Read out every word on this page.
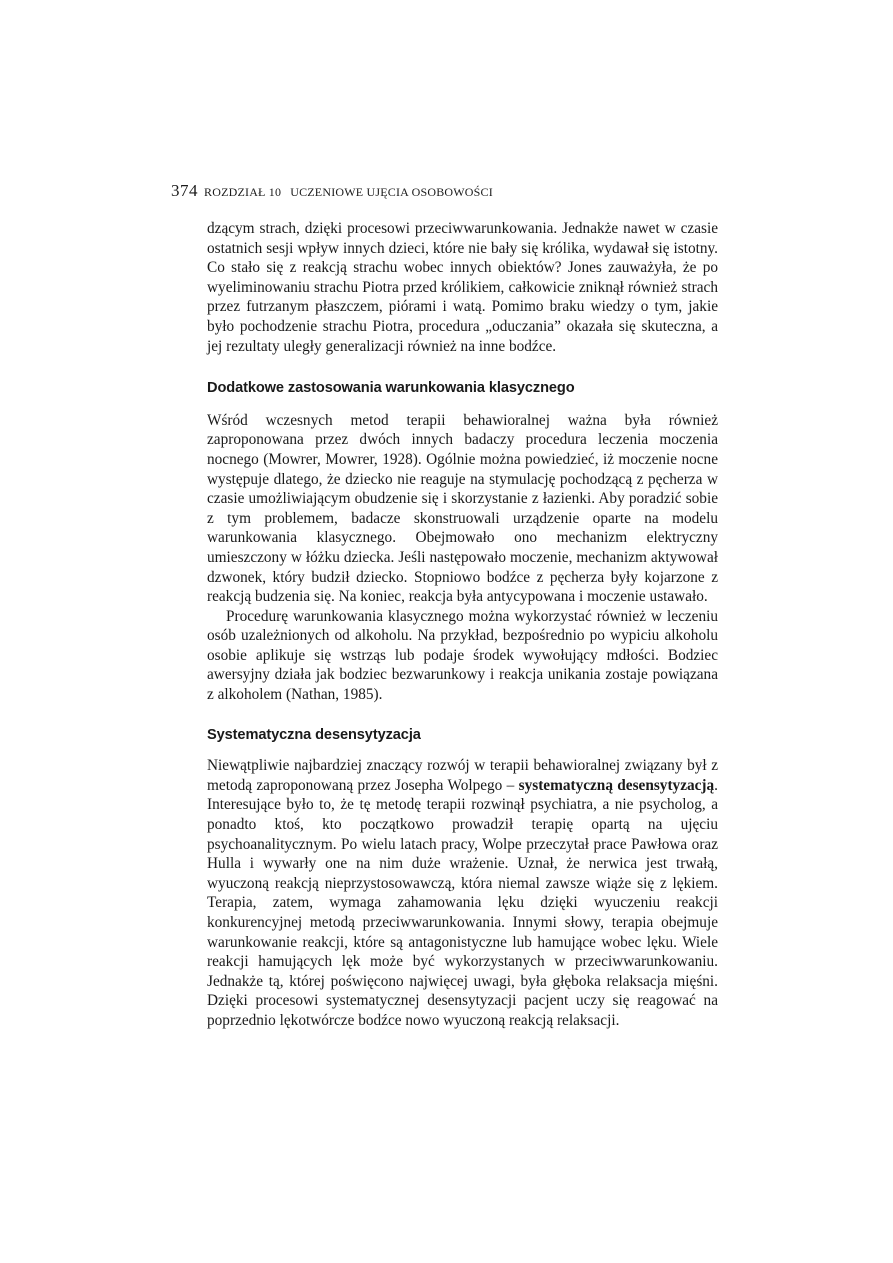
374 ROZDZIAŁ 10 UCZENIOWE UJĘCIA OSOBOWOŚCI

dzącym strach, dzięki procesowi przeciwwarunkowania. Jednakże nawet w czasie ostatnich sesji wpływ innych dzieci, które nie bały się królika, wydawał się istotny. Co stało się z reakcją strachu wobec innych obiektów? Jones zauważyła, że po wyeliminowaniu strachu Piotra przed królikiem, całkowicie zniknął również strach przez futrzanym płaszczem, piórami i watą. Pomimo braku wiedzy o tym, jakie było pochodzenie strachu Piotra, procedura „oduczania” okazała się skuteczna, a jej rezultaty uległy generalizacji również na inne bodźce.

Dodatkowe zastosowania warunkowania klasycznego

Wśród wczesnych metod terapii behawioralnej ważna była również zaproponowana przez dwóch innych badaczy procedura leczenia moczenia nocnego (Mowrer, Mowrer, 1928). Ogólnie można powiedzieć, iż moczenie nocne występuje dlatego, że dziecko nie reaguje na stymulację pochodzącą z pęcherza w czasie umożliwiającym obudzenie się i skorzystanie z łazienki. Aby poradzić sobie z tym problemem, badacze skonstruowali urządzenie oparte na modelu warunkowania klasycznego. Obejmowało ono mechanizm elektryczny umieszczony w łóżku dziecka. Jeśli następowało moczenie, mechanizm aktywował dzwonek, który budził dziecko. Stopniowo bodźce z pęcherza były kojarzone z reakcją budzenia się. Na koniec, reakcja była antycypowana i moczenie ustawało.

Procedurę warunkowania klasycznego można wykorzystać również w leczeniu osób uzależnionych od alkoholu. Na przykład, bezpośrednio po wypiciu alkoholu osobie aplikuje się wstrząs lub podaje środek wywołujący mdłości. Bodziec awersyjny działa jak bodziec bezwarunkowy i reakcja unikania zostaje powiązana z alkoholem (Nathan, 1985).

Systematyczna desensytyzacja

Niewątpliwie najbardziej znaczący rozwój w terapii behawioralnej związany był z metodą zaproponowaną przez Josepha Wolpego – systematyczną desensytyzacją. Interesujące było to, że tę metodę terapii rozwinął psychiatra, a nie psycholog, a ponadto ktoś, kto początkowo prowadził terapię opartą na ujęciu psychoanalitycznym. Po wielu latach pracy, Wolpe przeczytał prace Pawłowa oraz Hulla i wywarły one na nim duże wrażenie. Uznał, że nerwica jest trwałą, wyuczoną reakcją nieprzystosowawczą, która niemal zawsze wiąże się z lękiem. Terapia, zatem, wymaga zahamowania lęku dzięki wyuczeniu reakcji konkurencyjnej metodą przeciwwarunkowania. Innymi słowy, terapia obejmuje warunkowanie reakcji, które są antagonistyczne lub hamujące wobec lęku. Wiele reakcji hamujących lęk może być wykorzystanych w przeciwwarunkowaniu. Jednakże tą, której poświęcono najwięcej uwagi, była głęboka relaksacja mięśni. Dzięki procesowi systematycznej desensytyzacji pacjent uczy się reagować na poprzednio lękotwórcze bodźce nowo wyuczoną reakcją relaksacji.
